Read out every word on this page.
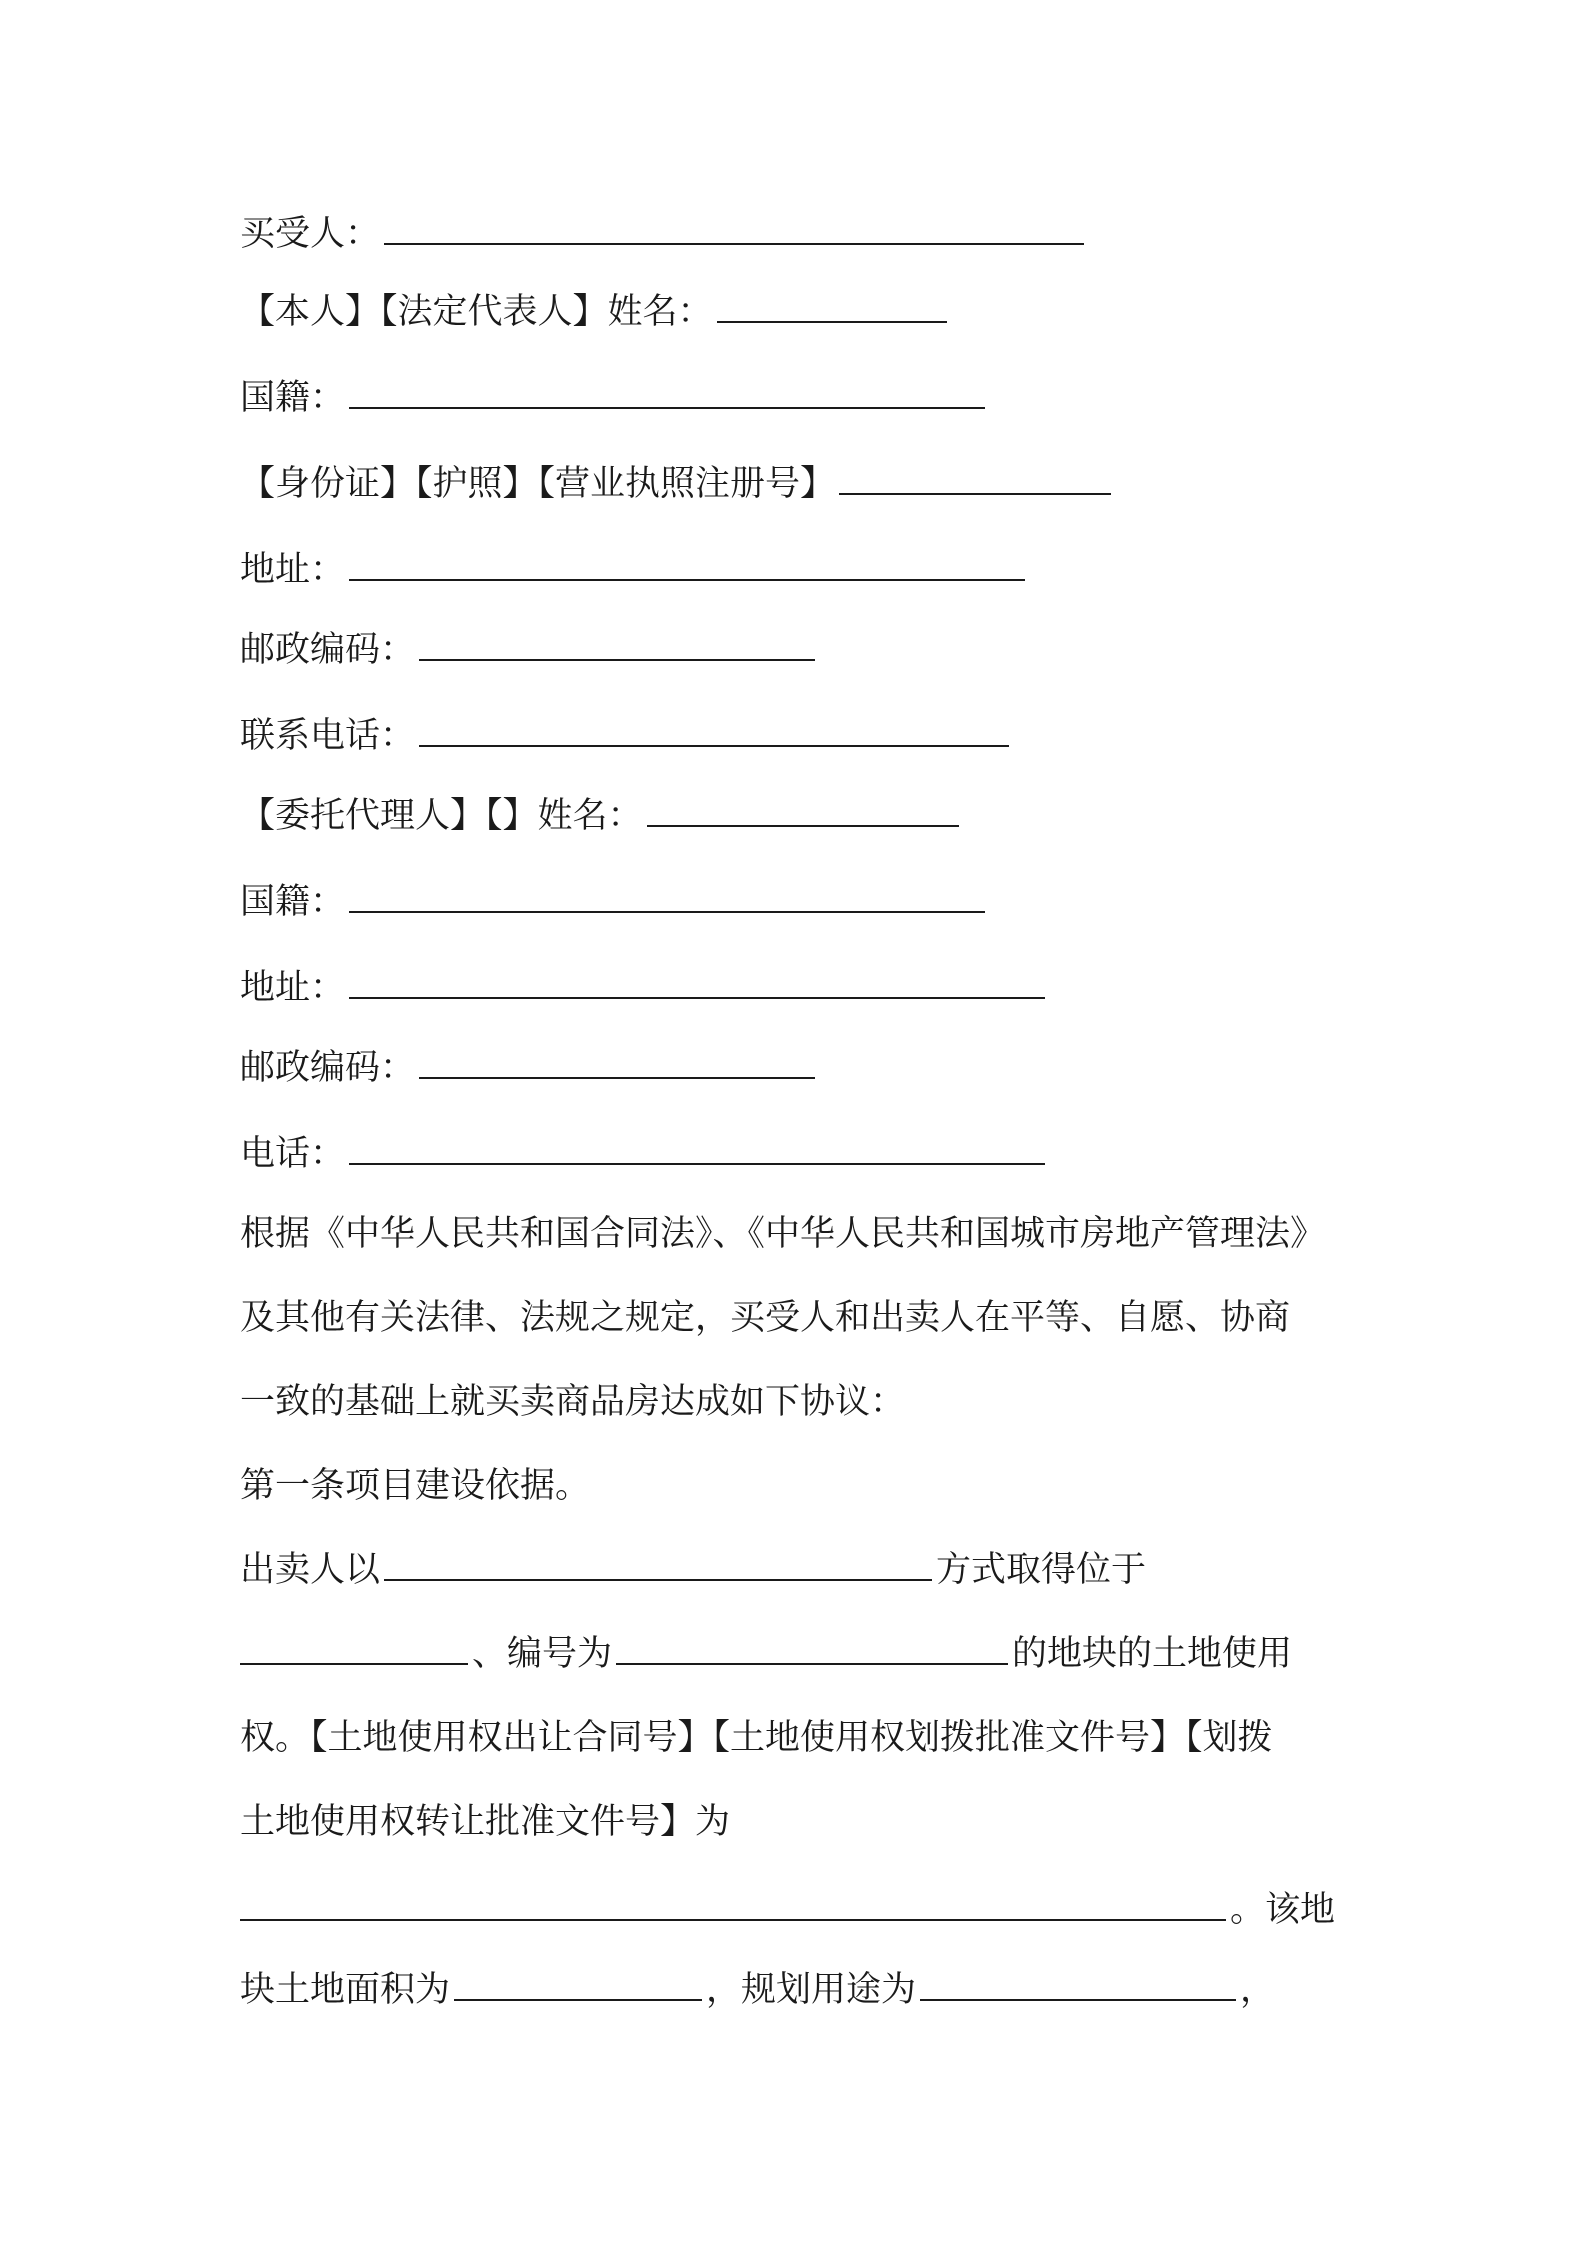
买受人：
【本人】【法定代表人】姓名：
国籍：
【身份证】【护照】【营业执照注册号】
地址：
邮政编码：
联系电话：
【委托代理人】【】姓名：
国籍：
地址：
邮政编码：
电话：
根据《中华人民共和国合同法》、《中华人民共和国城市房地产管理法》
及其他有关法律、法规之规定，买受人和出卖人在平等、自愿、协商
一致的基础上就买卖商品房达成如下协议：
第一条项目建设依据。
出卖人以	方式取得位于
、编号为	的地块的土地使用
权。【土地使用权出让合同号】【土地使用权划拨批准文件号】【划拨
土地使用权转让批准文件号】为
。该地
块土地面积为	，规划用途为	，
